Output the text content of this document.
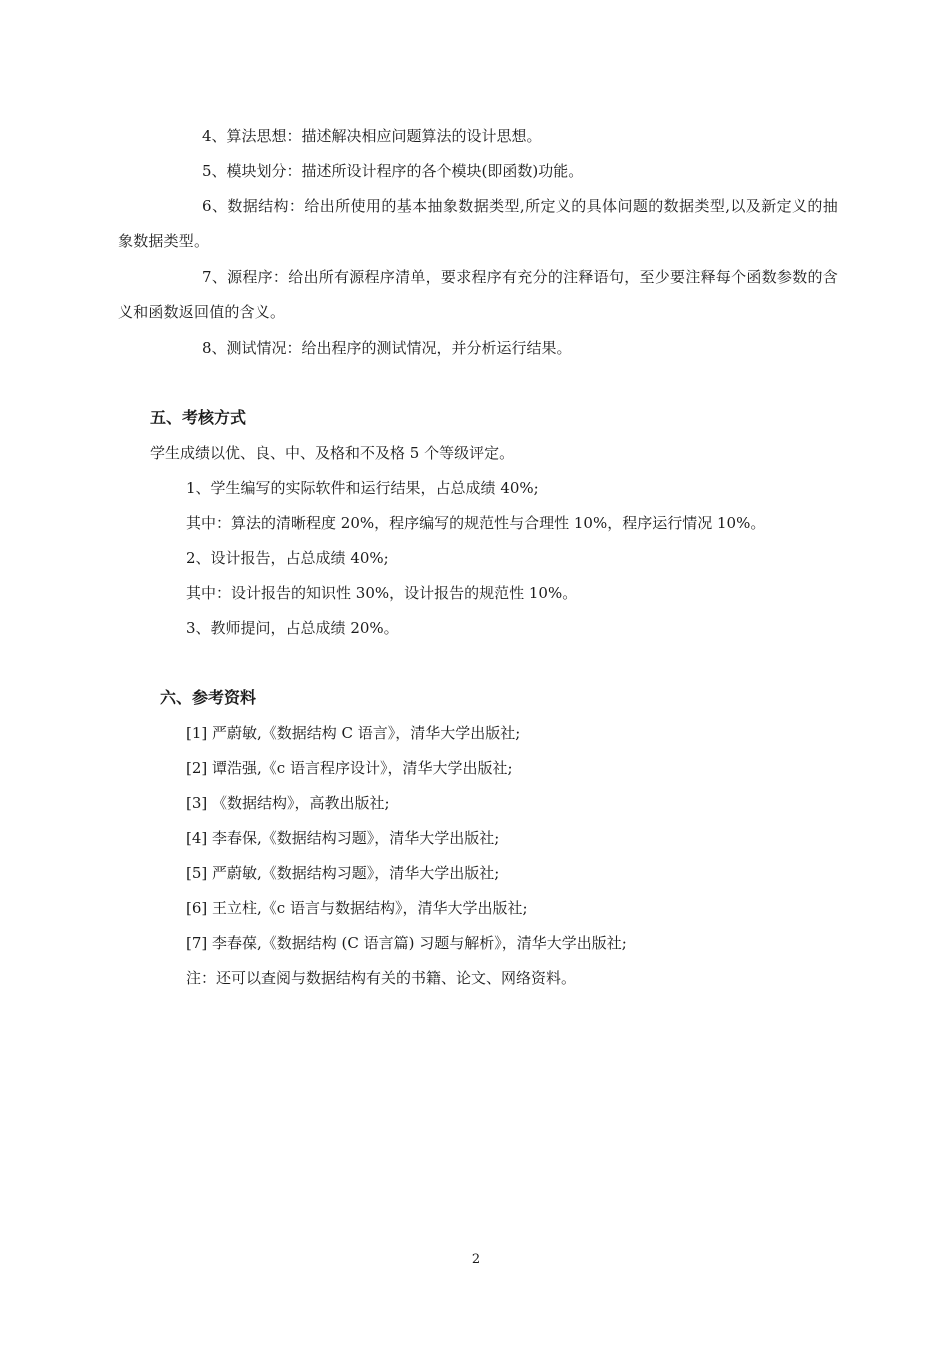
4、算法思想：描述解决相应问题算法的设计思想。
5、模块划分：描述所设计程序的各个模块(即函数)功能。
6、数据结构：给出所使用的基本抽象数据类型,所定义的具体问题的数据类型,以及新定义的抽象数据类型。
7、源程序：给出所有源程序清单，要求程序有充分的注释语句，至少要注释每个函数参数的含义和函数返回值的含义。
8、测试情况：给出程序的测试情况，并分析运行结果。
五、考核方式
学生成绩以优、良、中、及格和不及格 5 个等级评定。
1、学生编写的实际软件和运行结果，占总成绩 40%;
其中：算法的清晰程度 20%，程序编写的规范性与合理性 10%，程序运行情况 10%。
2、设计报告，占总成绩 40%;
其中：设计报告的知识性 30%，设计报告的规范性 10%。
3、教师提问，占总成绩 20%。
六、参考资料
[1] 严蔚敏,《数据结构 C 语言》，清华大学出版社;
[2] 谭浩强,《c 语言程序设计》，清华大学出版社;
[3] 《数据结构》，高教出版社;
[4] 李春保,《数据结构习题》，清华大学出版社;
[5] 严蔚敏,《数据结构习题》，清华大学出版社;
[6] 王立柱,《c 语言与数据结构》，清华大学出版社;
[7] 李春葆,《数据结构 (C 语言篇) 习题与解析》，清华大学出版社;
注：还可以查阅与数据结构有关的书籍、论文、网络资料。
2
